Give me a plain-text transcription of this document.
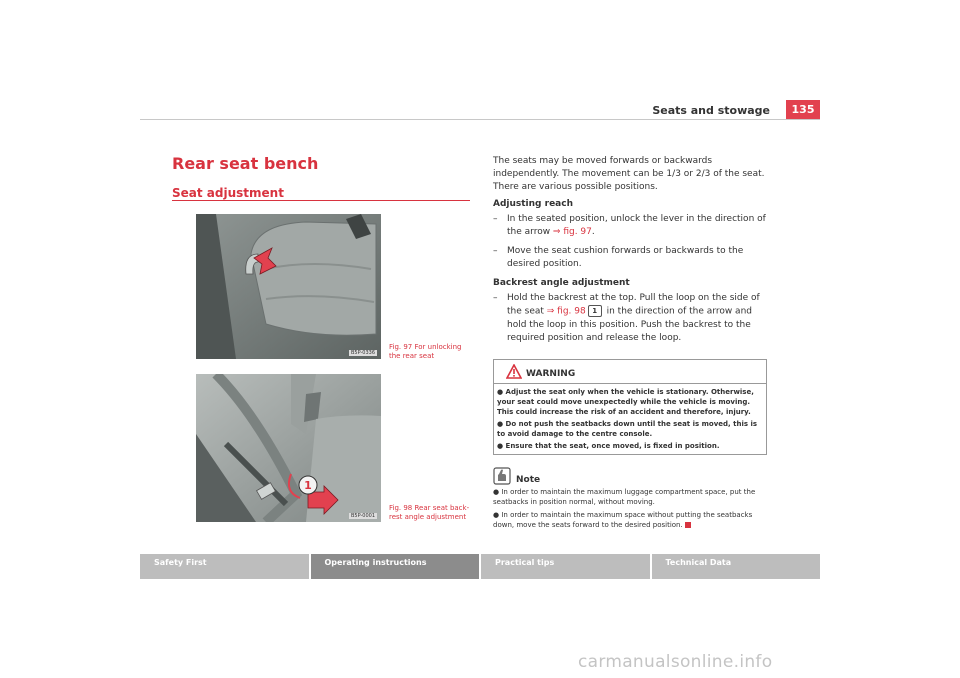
Seats and stowage	135
Rear seat bench
Seat adjustment
B5P-0336
Fig. 97 For unlocking the rear seat
1
B5P-0001
Fig. 98 Rear seat back-rest angle adjustment

The seats may be moved forwards or backwards independently. The movement can be 1/3 or 2/3 of the seat. There are various possible positions.

Adjusting reach
– In the seated position, unlock the lever in the direction of the arrow ⇒ fig. 97.
– Move the seat cushion forwards or backwards to the desired position.
Backrest angle adjustment
– Hold the backrest at the top. Pull the loop on the side of the seat ⇒ fig. 98 1 in the direction of the arrow and hold the loop in this position. Push the backrest to the required position and release the loop.
WARNING
● Adjust the seat only when the vehicle is stationary. Otherwise, your seat could move unexpectedly while the vehicle is moving. This could increase the risk of an accident and therefore, injury.
● Do not push the seatbacks down until the seat is moved, this is to avoid damage to the centre console.
● Ensure that the seat, once moved, is fixed in position.
Note
● In order to maintain the maximum luggage compartment space, put the seatbacks in position normal, without moving.
● In order to maintain the maximum space without putting the seatbacks down, move the seats forward to the desired position.
Safety First	Operating instructions	Practical tips	Technical Data
carmanualsonline.info
